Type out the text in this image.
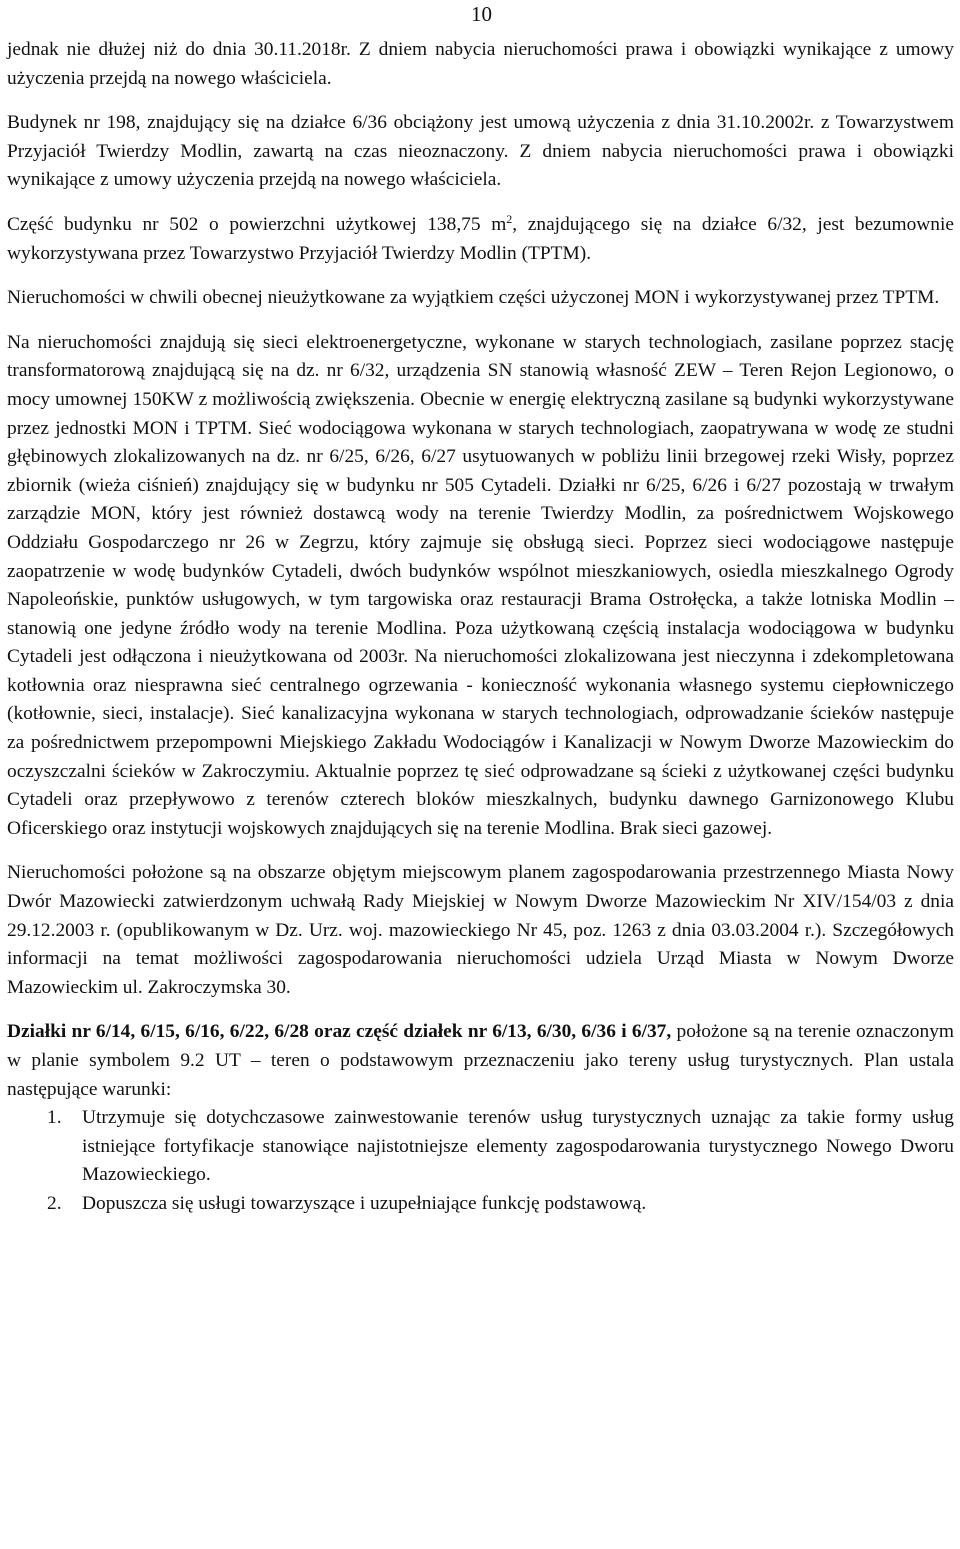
10

jednak nie dłużej niż do dnia 30.11.2018r. Z dniem nabycia nieruchomości prawa i obowiązki wynikające z umowy użyczenia przejdą na nowego właściciela.

Budynek nr 198, znajdujący się na działce 6/36 obciążony jest umową użyczenia z dnia 31.10.2002r. z Towarzystwem Przyjaciół Twierdzy Modlin, zawartą na czas nieoznaczony. Z dniem nabycia nieruchomości prawa i obowiązki wynikające z umowy użyczenia przejdą na nowego właściciela.

Część budynku nr 502 o powierzchni użytkowej 138,75 $m^2$, znajdującego się na działce 6/32, jest bezumownie wykorzystywana przez Towarzystwo Przyjaciół Twierdzy Modlin (TPTM).

Nieruchomości w chwili obecnej nieużytkowane za wyjątkiem części użyczonej MON i wykorzystywanej przez TPTM.

Na nieruchomości znajdują się sieci elektroenergetyczne, wykonane w starych technologiach, zasilane poprzez stację transformatorową znajdującą się na dz. nr 6/32, urządzenia SN stanowią własność ZEW – Teren Rejon Legionowo, o mocy umownej 150KW z możliwością zwiększenia. Obecnie w energię elektryczną zasilane są budynki wykorzystywane przez jednostki MON i TPTM. Sieć wodociągowa wykonana w starych technologiach, zaopatrywana w wodę ze studni głębinowych zlokalizowanych na dz. nr 6/25, 6/26, 6/27 usytuowanych w pobliżu linii brzegowej rzeki Wisły, poprzez zbiornik (wieża ciśnień) znajdujący się w budynku nr 505 Cytadeli. Działki nr 6/25, 6/26 i 6/27 pozostają w trwałym zarządzie MON, który jest również dostawcą wody na terenie Twierdzy Modlin, za pośrednictwem Wojskowego Oddziału Gospodarczego nr 26 w Zegrzu, który zajmuje się obsługą sieci. Poprzez sieci wodociągowe następuje zaopatrzenie w wodę budynków Cytadeli, dwóch budynków wspólnot mieszkaniowych, osiedla mieszkalnego Ogrody Napoleońskie, punktów usługowych, w tym targowiska oraz restauracji Brama Ostrołęcka, a także lotniska Modlin – stanowią one jedyne źródło wody na terenie Modlina. Poza użytkowaną częścią instalacja wodociągowa w budynku Cytadeli jest odłączona i nieużytkowana od 2003r. Na nieruchomości zlokalizowana jest nieczynna i zdekompletowana kotłownia oraz niesprawna sieć centralnego ogrzewania - konieczność wykonania własnego systemu ciepłowniczego (kotłownie, sieci, instalacje). Sieć kanalizacyjna wykonana w starych technologiach, odprowadzanie ścieków następuje za pośrednictwem przepompowni Miejskiego Zakładu Wodociągów i Kanalizacji w Nowym Dworze Mazowieckim do oczyszczalni ścieków w Zakroczymiu. Aktualnie poprzez tę sieć odprowadzane są ścieki z użytkowanej części budynku Cytadeli oraz przepływowo z terenów czterech bloków mieszkalnych, budynku dawnego Garnizonowego Klubu Oficerskiego oraz instytucji wojskowych znajdujących się na terenie Modlina. Brak sieci gazowej.

Nieruchomości położone są na obszarze objętym miejscowym planem zagospodarowania przestrzennego Miasta Nowy Dwór Mazowiecki zatwierdzonym uchwałą Rady Miejskiej w Nowym Dworze Mazowieckim Nr XIV/154/03 z dnia 29.12.2003 r. (opublikowanym w Dz. Urz. woj. mazowieckiego Nr 45, poz. 1263 z dnia 03.03.2004 r.). Szczegółowych informacji na temat możliwości zagospodarowania nieruchomości udziela Urząd Miasta w Nowym Dworze Mazowieckim ul. Zakroczymska 30.

Działki nr 6/14, 6/15, 6/16, 6/22, 6/28 oraz część działek nr 6/13, 6/30, 6/36 i 6/37, położone są na terenie oznaczonym w planie symbolem 9.2 UT – teren o podstawowym przeznaczeniu jako tereny usług turystycznych. Plan ustala następujące warunki:

1. Utrzymuje się dotychczasowe zainwestowanie terenów usług turystycznych uznając za takie formy usług istniejące fortyfikacje stanowiące najistotniejsze elementy zagospodarowania turystycznego Nowego Dworu Mazowieckiego.
2. Dopuszcza się usługi towarzyszące i uzupełniające funkcję podstawową.
